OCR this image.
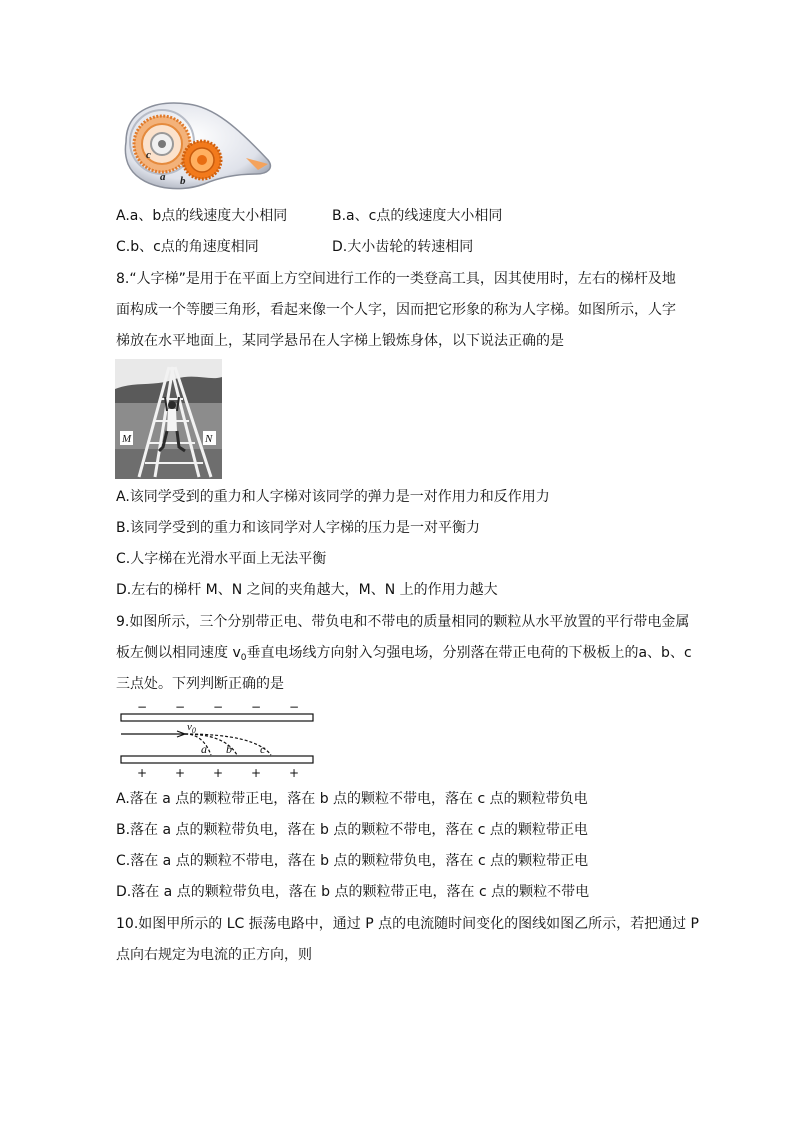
c
a b
A.a、b点的线速度大小相同	B.a、c点的线速度大小相同
C.b、c点的角速度相同	D.大小齿轮的转速相同
8.“人字梯”是用于在平面上方空间进行工作的一类登高工具，因其使用时，左右的梯杆及地
面构成一个等腰三角形，看起来像一个人字，因而把它形象的称为人字梯。如图所示，人字
梯放在水平地面上，某同学悬吊在人字梯上锻炼身体，以下说法正确的是
M	N
A.该同学受到的重力和人字梯对该同学的弹力是一对作用力和反作用力
B.该同学受到的重力和该同学对人字梯的压力是一对平衡力
C.人字梯在光滑水平面上无法平衡
D.左右的梯杆 M、N 之间的夹角越大，M、N 上的作用力越大
9.如图所示，三个分别带正电、带负电和不带电的质量相同的颗粒从水平放置的平行带电金属
板左侧以相同速度 $v_0$垂直电场线方向射入匀强电场，分别落在带正电荷的下极板上的a、b、c
三点处。下列判断正确的是
− − − − −
$v_0$
a b c
+ + + + +
A.落在 a 点的颗粒带正电，落在 b 点的颗粒不带电，落在 c 点的颗粒带负电
B.落在 a 点的颗粒带负电，落在 b 点的颗粒不带电，落在 c 点的颗粒带正电
C.落在 a 点的颗粒不带电，落在 b 点的颗粒带负电，落在 c 点的颗粒带正电
D.落在 a 点的颗粒带负电，落在 b 点的颗粒带正电，落在 c 点的颗粒不带电
10.如图甲所示的 LC 振荡电路中，通过 P 点的电流随时间变化的图线如图乙所示，若把通过 P
点向右规定为电流的正方向，则
